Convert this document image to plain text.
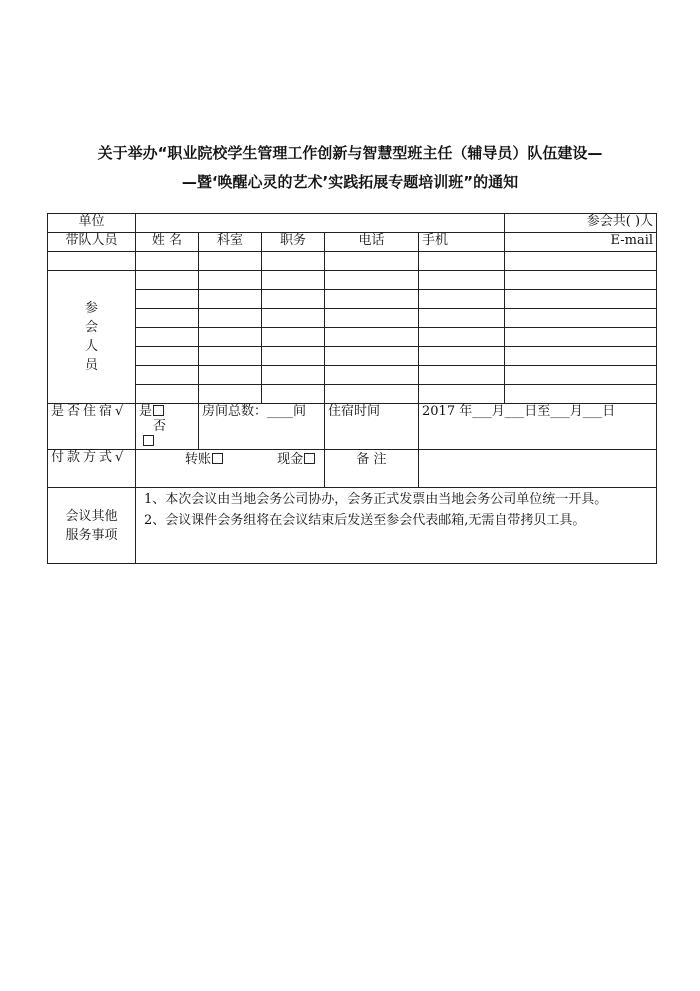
关于举办“职业院校学生管理工作创新与智慧型班主任（辅导员）队伍建设—
—暨‘唤醒心灵的艺术’实践拓展专题培训班”的通知
单位						参会共( )人
带队人员	姓 名	科室	职务	电话	手机	E-mail

参会人员						

是否住宿√	是 否	房间总数：____间		住宿时间	2017 年___月___日至___月___日	
付款方式√	转账 现金			备 注		
会议其他服务事项	1、本次会议由当地会务公司协办，会务正式发票由当地会务公司单位统一开具。
2、会议课件会务组将在会议结束后发送至参会代表邮箱,无需自带拷贝工具。					
